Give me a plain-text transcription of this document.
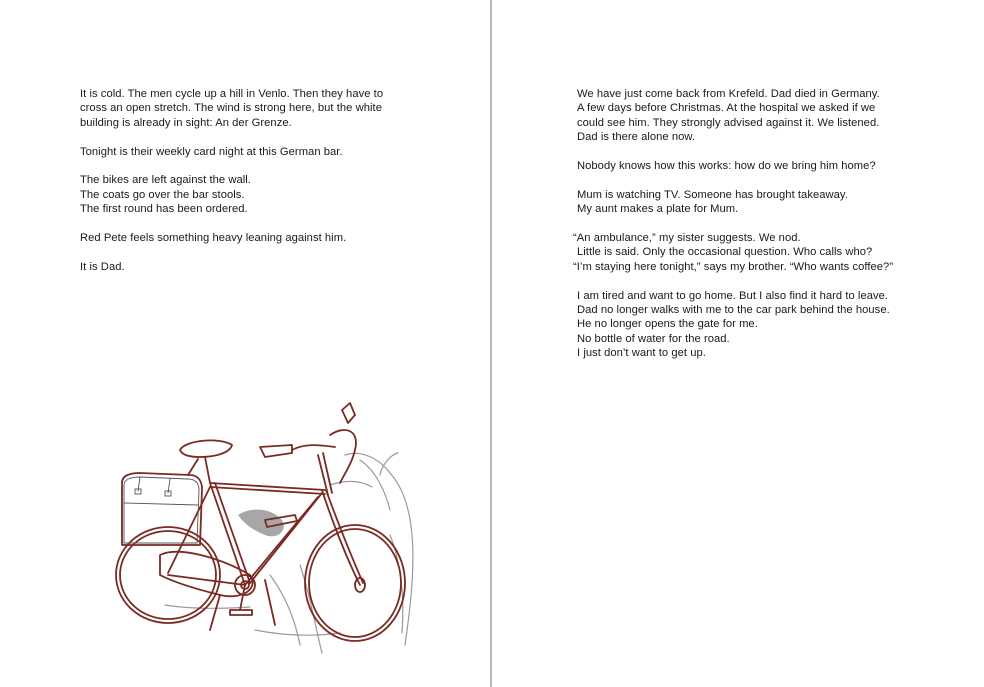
It is cold. The men cycle up a hill in Venlo. Then they have to
cross an open stretch. The wind is strong here, but the white
building is already in sight: An der Grenze.

Tonight is their weekly card night at this German bar.

The bikes are left against the wall.
The coats go over the bar stools.
The first round has been ordered.

Red Pete feels something heavy leaning against him.

It is Dad.

We have just come back from Krefeld. Dad died in Germany.
A few days before Christmas. At the hospital we asked if we
could see him. They strongly advised against it. We listened.
Dad is there alone now.

Nobody knows how this works: how do we bring him home?

Mum is watching TV. Someone has brought takeaway.
My aunt makes a plate for Mum.

“An ambulance,” my sister suggests. We nod.
Little is said. Only the occasional question. Who calls who?
“I’m staying here tonight,” says my brother. “Who wants coffee?”

I am tired and want to go home. But I also find it hard to leave.
Dad no longer walks with me to the car park behind the house.
He no longer opens the gate for me.
No bottle of water for the road.
I just don’t want to get up.
